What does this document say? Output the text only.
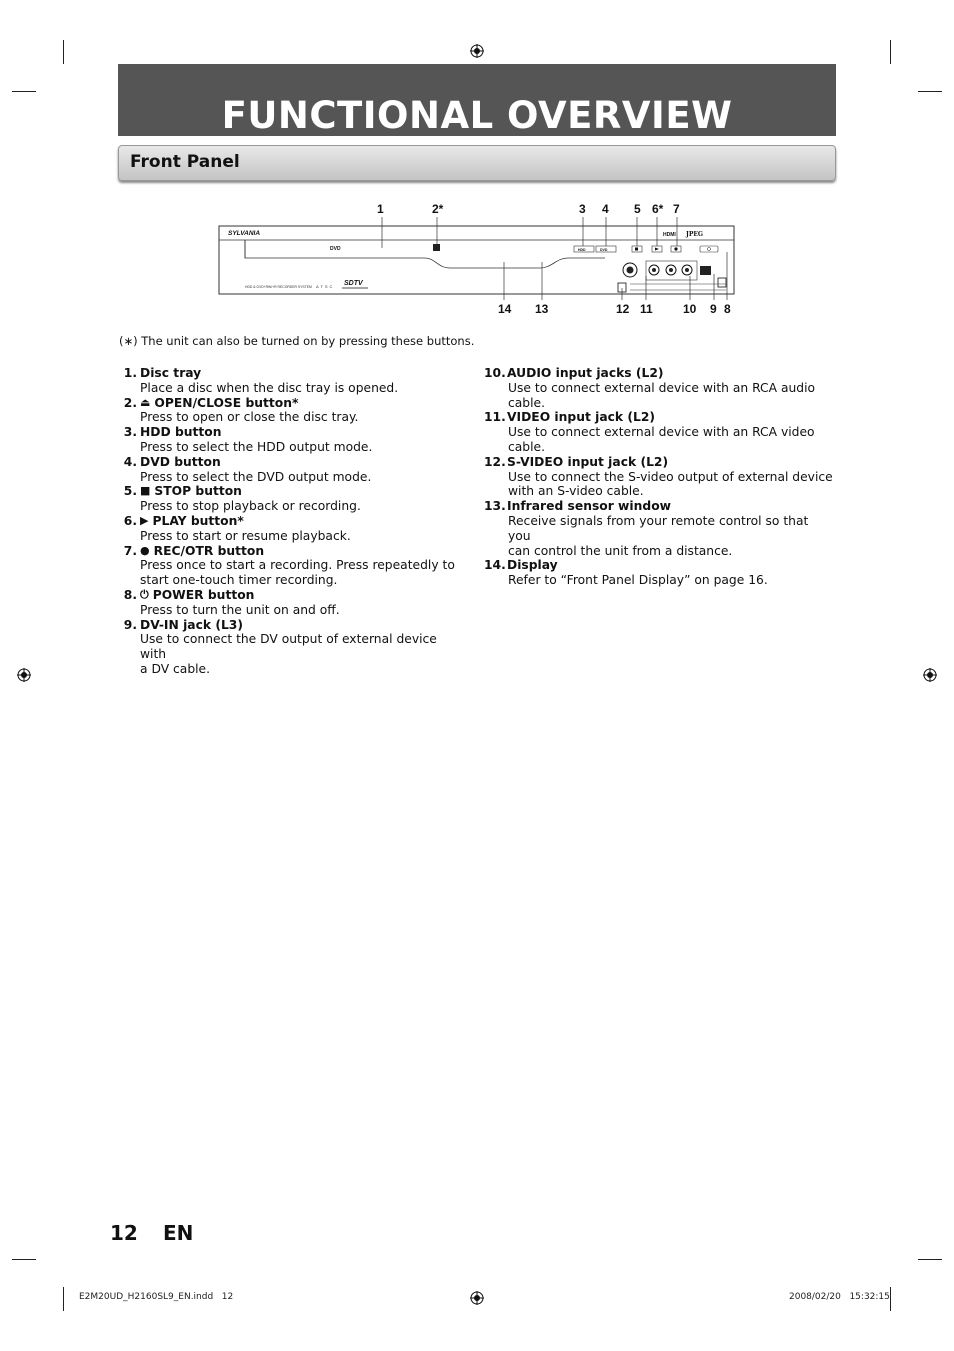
FUNCTIONAL OVERVIEW
Front Panel
1	2*	3 4 5 6* 7
14 13	12 11	10 9 8
SYLVANIA
DVD
HDD & DVD+RW/+R RECORDER SYSTEM ATSC SDTV
HDD	DVD
HDMI JPEG
(∗) The unit can also be turned on by pressing these buttons.
1. Disc tray
Place a disc when the disc tray is opened.
2. ⏏ OPEN/CLOSE button*
Press to open or close the disc tray.
3. HDD button
Press to select the HDD output mode.
4. DVD button
Press to select the DVD output mode.
5. ■ STOP button
Press to stop playback or recording.
6. ▶ PLAY button*
Press to start or resume playback.
7. ● REC/OTR button
Press once to start a recording. Press repeatedly to
start one-touch timer recording.
8. ⏻ POWER button
Press to turn the unit on and off.
9. DV-IN jack (L3)
Use to connect the DV output of external device with
a DV cable.
10. AUDIO input jacks (L2)
Use to connect external device with an RCA audio
cable.
11. VIDEO input jack (L2)
Use to connect external device with an RCA video
cable.
12. S-VIDEO input jack (L2)
Use to connect the S-video output of external device
with an S-video cable.
13. Infrared sensor window
Receive signals from your remote control so that you
can control the unit from a distance.
14. Display
Refer to “Front Panel Display” on page 16.
12 EN
E2M20UD_H2160SL9_EN.indd   12	2008/02/20   15:32:15
